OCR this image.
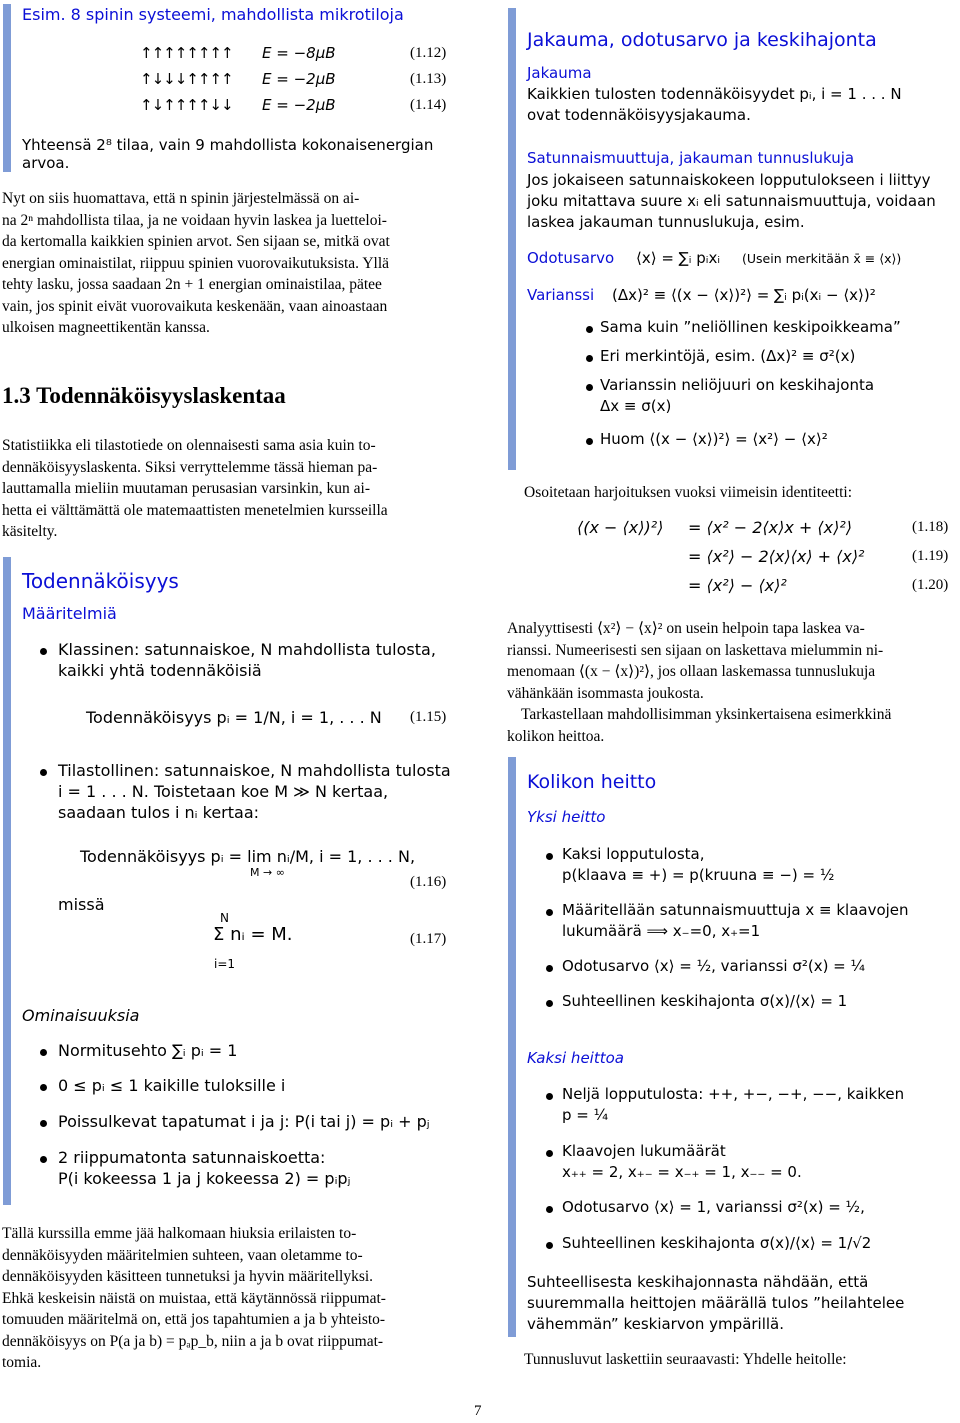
Esim. 8 spinin systeemi, mahdollista mikrotiloja
↑↑↑↑↑↑↑↑ E = −8μB	(1.12)
↑↓↓↓↑↑↑↑ E = −2μB	(1.13)
↑↓↑↑↑↑↓↓ E = −2μB	(1.14)
Yhteensä 2⁸ tilaa, vain 9 mahdollista kokonaisenergian
arvoa.
Nyt on siis huomattava, että n spinin järjestelmässä on ai-
na 2ⁿ mahdollista tilaa, ja ne voidaan hyvin laskea ja luetteloi-
da kertomalla kaikkien spinien arvot. Sen sijaan se, mitkä ovat
energian ominaistilat, riippuu spinien vuorovaikutuksista. Yllä
tehty lasku, jossa saadaan 2n + 1 energian ominaistilaa, pätee
vain, jos spinit eivät vuorovaikuta keskenään, vaan ainoastaan
ulkoisen magneettikentän kanssa.
1.3 Todennäköisyyslaskentaa
Statistiikka eli tilastotiede on olennaisesti sama asia kuin to-
dennäköisyyslaskenta. Siksi verryttelemme tässä hieman pa-
lauttamalla mieliin muutaman perusasian varsinkin, kun ai-
hetta ei välttämättä ole matemaattisten menetelmien kursseilla
käsitelty.
Todennäköisyys
Määritelmiä
Klassinen: satunnaiskoe, N mahdollista tulosta,
kaikki yhtä todennäköisiä
Todennäköisyys pᵢ = 1/N, i = 1, . . . N (1.15)
Tilastollinen: satunnaiskoe, N mahdollista tulosta
i = 1 . . . N. Toistetaan koe M ≫ N kertaa,
saadaan tulos i nᵢ kertaa:
Todennäköisyys pᵢ = lim nᵢ/M, i = 1, . . . N,
M → ∞
(1.16)
missä
N
Σ nᵢ = M.
i=1
(1.17)
Ominaisuuksia
Normitusehto ∑ᵢ pᵢ = 1
0 ≤ pᵢ ≤ 1 kaikille tuloksille i
Poissulkevat tapatumat i ja j: P(i tai j) = pᵢ + pⱼ
2 riippumatonta satunnaiskoetta:
P(i kokeessa 1 ja j kokeessa 2) = pᵢpⱼ
Tällä kurssilla emme jää halkomaan hiuksia erilaisten to-
dennäköisyyden määritelmien suhteen, vaan oletamme to-
dennäköisyyden käsitteen tunnetuksi ja hyvin määritellyksi.
Ehkä keskeisin näistä on muistaa, että käytännössä riippumat-
tomuuden määritelmä on, että jos tapahtumien a ja b yhteisto-
dennäköisyys on P(a ja b) = pₐp_b, niin a ja b ovat riippumat-
tomia.
Jakauma, odotusarvo ja keskihajonta
Jakauma
Kaikkien tulosten todennäköisyydet pᵢ, i = 1 . . . N
ovat todennäköisyysjakauma.
Satunnaismuuttuja, jakauman tunnuslukuja
Jos jokaiseen satunnaiskokeen lopputulokseen i liittyy
joku mitattava suure xᵢ eli satunnaismuuttuja, voidaan
laskea jakauman tunnuslukuja, esim.
Odotusarvo ⟨x⟩ = ∑ᵢ pᵢxᵢ (Usein merkitään x̄ ≡ ⟨x⟩)
Varianssi (Δx)² ≡ ⟨(x − ⟨x⟩)²⟩ = ∑ᵢ pᵢ(xᵢ − ⟨x⟩)²
Sama kuin ”neliöllinen keskipoikkeama”
Eri merkintöjä, esim. (Δx)² ≡ σ²(x)
Varianssin neliöjuuri on keskihajonta
Δx ≡ σ(x)
Huom ⟨(x − ⟨x⟩)²⟩ = ⟨x²⟩ − ⟨x⟩²
Osoitetaan harjoituksen vuoksi viimeisin identiteetti:
⟨(x − ⟨x⟩)²⟩ = ⟨x² − 2⟨x⟩x + ⟨x⟩²⟩	(1.18)
= ⟨x²⟩ − 2⟨x⟩⟨x⟩ + ⟨x⟩²	(1.19)
= ⟨x²⟩ − ⟨x⟩²	(1.20)
Analyyttisesti ⟨x²⟩ − ⟨x⟩² on usein helpoin tapa laskea va-
rianssi. Numeerisesti sen sijaan on laskettava mielummin ni-
menomaan ⟨(x − ⟨x⟩)²⟩, jos ollaan laskemassa tunnuslukuja
vähänkään isommasta joukosta.
Tarkastellaan mahdollisimman yksinkertaisena esimerkkinä
kolikon heittoa.
Kolikon heitto
Yksi heitto
Kaksi lopputulosta,
p(klaava ≡ +) = p(kruuna ≡ −) = ½
Määritellään satunnaismuuttuja x ≡ klaavojen
lukumäärä ⟹ x₋=0, x₊=1
Odotusarvo ⟨x⟩ = ½, varianssi σ²(x) = ¼
Suhteellinen keskihajonta σ(x)/⟨x⟩ = 1
Kaksi heittoa
Neljä lopputulosta: ++, +−, −+, −−, kaikken
p = ¼
Klaavojen lukumäärät
x₊₊ = 2, x₊₋ = x₋₊ = 1, x₋₋ = 0.
Odotusarvo ⟨x⟩ = 1, varianssi σ²(x) = ½,
Suhteellinen keskihajonta σ(x)/⟨x⟩ = 1/√2
Suhteellisesta keskihajonnasta nähdään, että
suuremmalla heittojen määrällä tulos ”heilahtelee
vähemmän” keskiarvon ympärillä.
Tunnusluvut laskettiin seuraavasti: Yhdelle heitolle:
7
